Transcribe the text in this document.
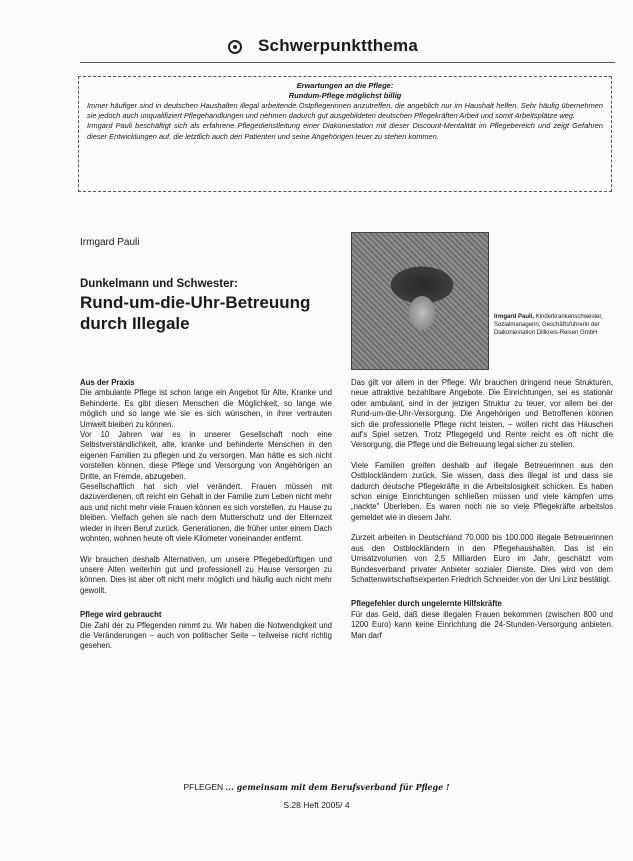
Schwerpunktthema
Erwartungen an die Pflege:
Rundum-Pflege möglichst billig

Immer häufiger sind in deutschen Haushalten illegal arbeitende Ostpflegerinnen anzutreffen, die angeblich nur im Haushalt helfen. Sehr häufig übernehmen sie jedoch auch unqualifiziert Pflegehandlungen und nehmen dadurch gut ausgebildeten deutschen Pflegekräften Arbeit und somit Arbeitsplätze weg.

Irmgard Pauli beschäftigt sich als erfahrene Pflegedienstleitung einer Diakoniestation mit dieser Discount-Mentalität im Pflegebereich und zeigt Gefahren dieser Entwicklungen auf, die letztlich auch den Patienten und seine Angehörigen teuer zu stehen kommen.

Irmgard Pauli
Dunkelmann und Schwester:
Rund-um-die-Uhr-Betreuung durch Illegale	Irmgard Pauli, Kinderkrankenschwester, Sozialmanagerin, Geschäftsführerin der Diakoniestation Dillkreis-Reisen GmbH

Aus der Praxis

Die ambulante Pflege ist schon lange ein Angebot für Alte, Kranke und Behinderte. Es gibt diesen Menschen die Möglichkeit, so lange wie möglich und so lange wie sie es sich wünschen, in ihrer vertrauten Umwelt bleiben zu können.

Vor 10 Jahren war es in unserer Gesellschaft noch eine Selbstverständlichkeit, alte, kranke und behinderte Menschen in den eigenen Familien zu pflegen und zu versorgen. Man hätte es sich nicht vorstellen können, diese Pflege und Versorgung von Angehörigen an Dritte, an Fremde, abzugeben.

Gesellschaftlich hat sich viel verändert. Frauen müssen mit dazuverdienen, oft reicht ein Gehalt in der Familie zum Leben nicht mehr aus und nicht mehr viele Frauen können es sich vorstellen, zu Hause zu bleiben. Vielfach gehen sie nach dem Mutterschutz und der Elternzeit wieder in ihren Beruf zurück. Generationen, die früher unter einem Dach wohnten, wohnen heute oft viele Kilometer voneinander entfernt.

Wir brauchen deshalb Alternativen, um unsere Pflegebedürftigen und unsere Alten weiterhin gut und professionell zu Hause versorgen zu können. Dies ist aber oft nicht mehr möglich und häufig auch nicht mehr gewollt.

Pflege wird gebraucht

Die Zahl der zu Pflegenden nimmt zu. Wir haben die Notwendigkeit und die Veränderungen – auch von politischer Seite – teilweise nicht richtig gesehen.

Das gilt vor allem in der Pflege. Wir brauchen dringend neue Strukturen, neue attraktive bezahlbare Angebote. Die Einrichtungen, sei es stationär oder ambulant, sind in der jetzigen Struktur zu teuer, vor allem bei der Rund-um-die-Uhr-Versorgung. Die Angehörigen und Betroffenen können sich die professionelle Pflege nicht leisten, – wollen nicht das Häuschen auf's Spiel setzen. Trotz Pflegegeld und Rente reicht es oft nicht die Versorgung, die Pflege und die Betreuung legal sicher zu stellen.

Viele Familien greifen deshalb auf illegale Betreuerinnen aus den Ostblockländern zurück. Sie wissen, dass dies illegal ist und dass sie dadurch deutsche Pflegekräfte in die Arbeitslosigkeit schicken. Es haben schon einige Einrichtungen schließen müssen und viele kämpfen ums „nackte" Überleben. Es waren noch nie so viele Pflegekräfte arbeitslos gemeldet wie in diesem Jahr.

Zurzeit arbeiten in Deutschland 70.000 bis 100.000 illegale Betreuerinnen aus den Ostblockländern in den Pflegehaushalten. Das ist ein Umsatzvolumen von 2,5 Milliarden Euro im Jahr, geschätzt vom Bundesverband privater Anbieter sozialer Dienste. Dies wird von dem Schattenwirtschaftsexperten Friedrich Schneider von der Uni Linz bestätigt.

Pflegefehler durch ungelernte Hilfskräfte

Für das Geld, daß diese illegalen Frauen bekommen (zwischen 800 und 1200 Euro) kann keine Einrichtung die 24-Stunden-Versorgung anbieten. Man darf

PFLEGEN ... gemeinsam mit dem Berufsverband für Pflege !
S.28 Heft 2005/ 4
